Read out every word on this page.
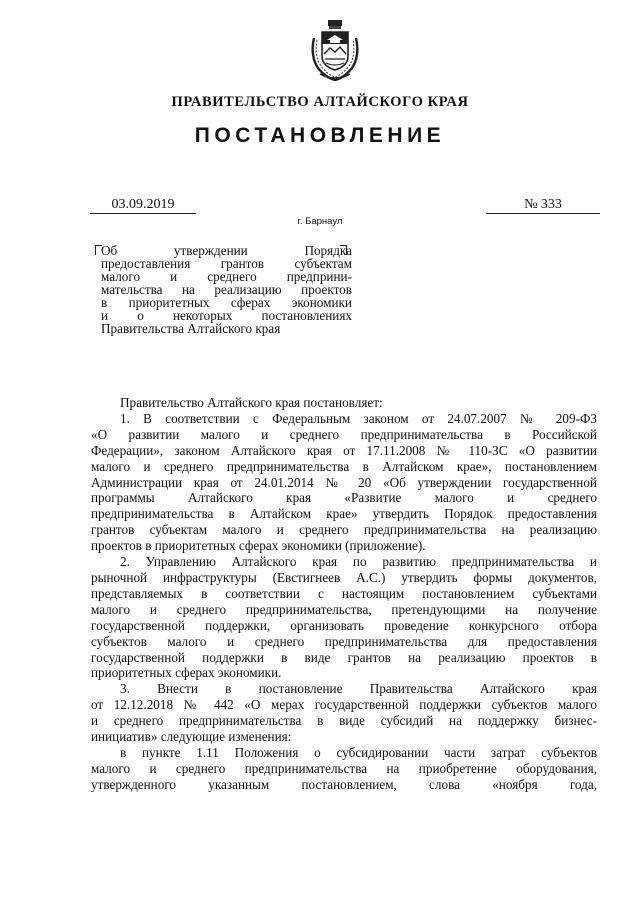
ПРАВИТЕЛЬСТВО АЛТАЙСКОГО КРАЯ
ПОСТАНОВЛЕНИЕ
03.09.2019	№ 333
г. Барнаул
Об утверждении Порядка
предоставления грантов субъектам
малого и среднего предприни-
мательства на реализацию проектов
в приоритетных сферах экономики
и о некоторых постановлениях
Правительства Алтайского края
Правительство Алтайского края постановляет:
1. В соответствии с Федеральным законом от 24.07.2007 № 209-ФЗ
«О развитии малого и среднего предпринимательства в Российской
Федерации», законом Алтайского края от 17.11.2008 № 110-ЗС «О развитии
малого и среднего предпринимательства в Алтайском крае», постановлением
Администрации края от 24.01.2014 № 20 «Об утверждении государственной
программы Алтайского края «Развитие малого и среднего
предпринимательства в Алтайском крае» утвердить Порядок предоставления
грантов субъектам малого и среднего предпринимательства на реализацию
проектов в приоритетных сферах экономики (приложение).
2. Управлению Алтайского края по развитию предпринимательства и
рыночной инфраструктуры (Евстигнеев А.С.) утвердить формы документов,
представляемых в соответствии с настоящим постановлением субъектами
малого и среднего предпринимательства, претендующими на получение
государственной поддержки, организовать проведение конкурсного отбора
субъектов малого и среднего предпринимательства для предоставления
государственной поддержки в виде грантов на реализацию проектов в
приоритетных сферах экономики.
3. Внести в постановление Правительства Алтайского края
от 12.12.2018 № 442 «О мерах государственной поддержки субъектов малого
и среднего предпринимательства в виде субсидий на поддержку бизнес-
инициатив» следующие изменения:
в пункте 1.11 Положения о субсидировании части затрат субъектов
малого и среднего предпринимательства на приобретение оборудования,
утвержденного указанным постановлением, слова «ноября года,
